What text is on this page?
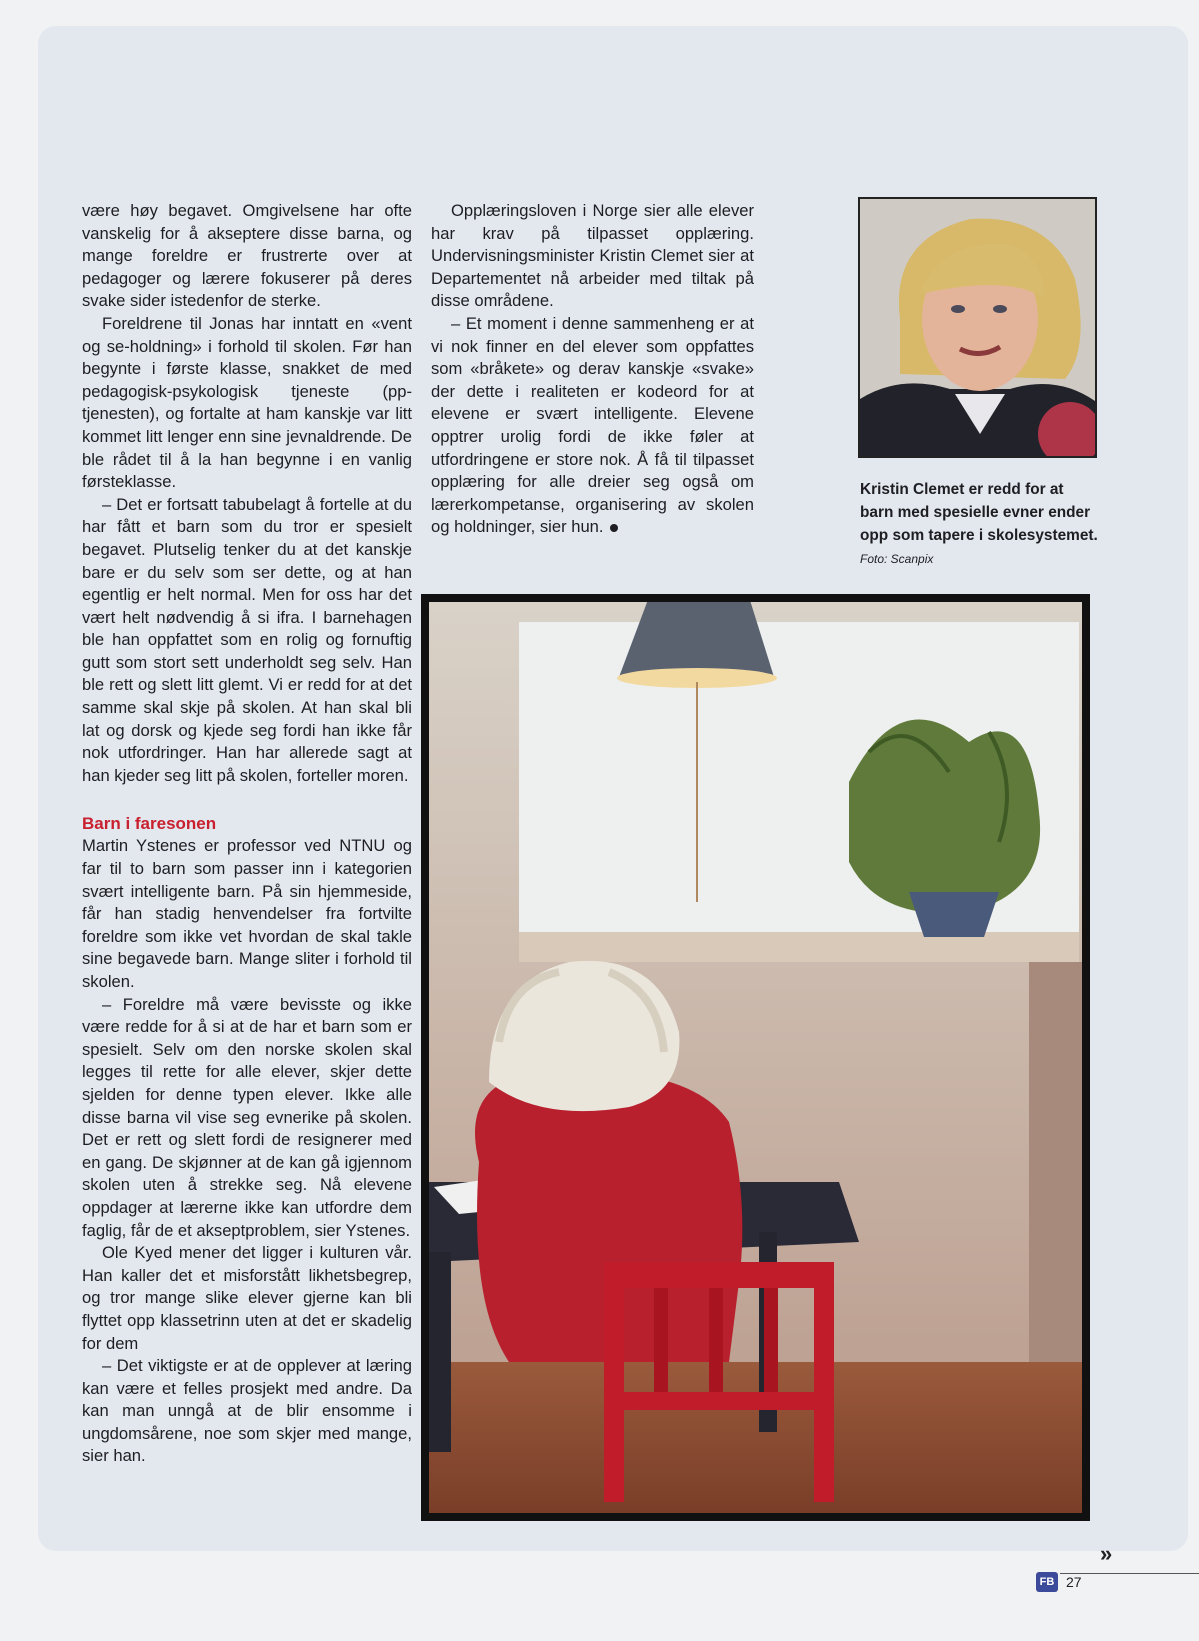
være høy begavet. Omgivelsene har ofte vanskelig for å akseptere disse barna, og mange foreldre er frustrerte over at pedagoger og lærere fokuserer på deres svake sider istedenfor de sterke.

Foreldrene til Jonas har inntatt en «vent og se-holdning» i forhold til skolen. Før han begynte i første klasse, snakket de med pedagogisk-psykologisk tjeneste (pp-tjenesten), og fortalte at ham kanskje var litt kommet litt lenger enn sine jevnaldrende. De ble rådet til å la han begynne i en vanlig førsteklasse.

– Det er fortsatt tabubelagt å fortelle at du har fått et barn som du tror er spesielt begavet. Plutselig tenker du at det kanskje bare er du selv som ser dette, og at han egentlig er helt normal. Men for oss har det vært helt nødvendig å si ifra. I barnehagen ble han oppfattet som en rolig og fornuftig gutt som stort sett underholdt seg selv. Han ble rett og slett litt glemt. Vi er redd for at det samme skal skje på skolen. At han skal bli lat og dorsk og kjede seg fordi han ikke får nok utfordringer. Han har allerede sagt at han kjeder seg litt på skolen, forteller moren.

Barn i faresonen

Martin Ystenes er professor ved NTNU og far til to barn som passer inn i kategorien svært intelligente barn. På sin hjemmeside, får han stadig henvendelser fra fortvilte foreldre som ikke vet hvordan de skal takle sine begavede barn. Mange sliter i forhold til skolen.

– Foreldre må være bevisste og ikke være redde for å si at de har et barn som er spesielt. Selv om den norske skolen skal legges til rette for alle elever, skjer dette sjelden for denne typen elever. Ikke alle disse barna vil vise seg evnerike på skolen. Det er rett og slett fordi de resignerer med en gang. De skjønner at de kan gå igjennom skolen uten å strekke seg. Nå elevene oppdager at lærerne ikke kan utfordre dem faglig, får de et akseptproblem, sier Ystenes.

Ole Kyed mener det ligger i kulturen vår. Han kaller det et misforstått likhetsbegrep, og tror mange slike elever gjerne kan bli flyttet opp klassetrinn uten at det er skadelig for dem

– Det viktigste er at de opplever at læring kan være et felles prosjekt med andre. Da kan man unngå at de blir ensomme i ungdomsårene, noe som skjer med mange, sier han.

Opplæringsloven i Norge sier alle elever har krav på tilpasset opplæring. Undervisningsminister Kristin Clemet sier at Departementet nå arbeider med tiltak på disse områdene.

– Et moment i denne sammenheng er at vi nok finner en del elever som oppfattes som «bråkete» og derav kanskje «svake» der dette i realiteten er kodeord for at elevene er svært intelligente. Elevene opptrer urolig fordi de ikke føler at utfordringene er store nok. Å få til tilpasset opplæring for alle dreier seg også om lærerkompetanse, organisering av skolen og holdninger, sier hun.

Kristin Clemet er redd for at barn med spesielle evner ender opp som tapere i skolesystemet. Foto: Scanpix
»
FB 27
